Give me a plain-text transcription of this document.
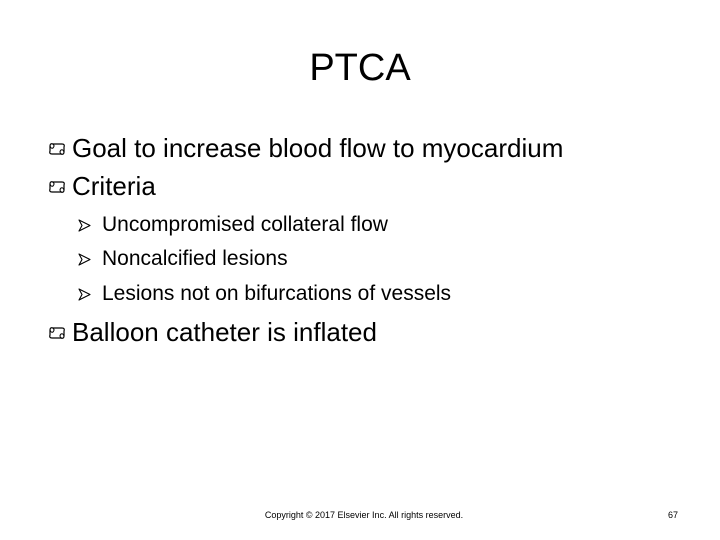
PTCA
Goal to increase blood flow to myocardium
Criteria
Uncompromised collateral flow
Noncalcified lesions
Lesions not on bifurcations of vessels
Balloon catheter is inflated
Copyright © 2017 Elsevier Inc. All rights reserved.	67
